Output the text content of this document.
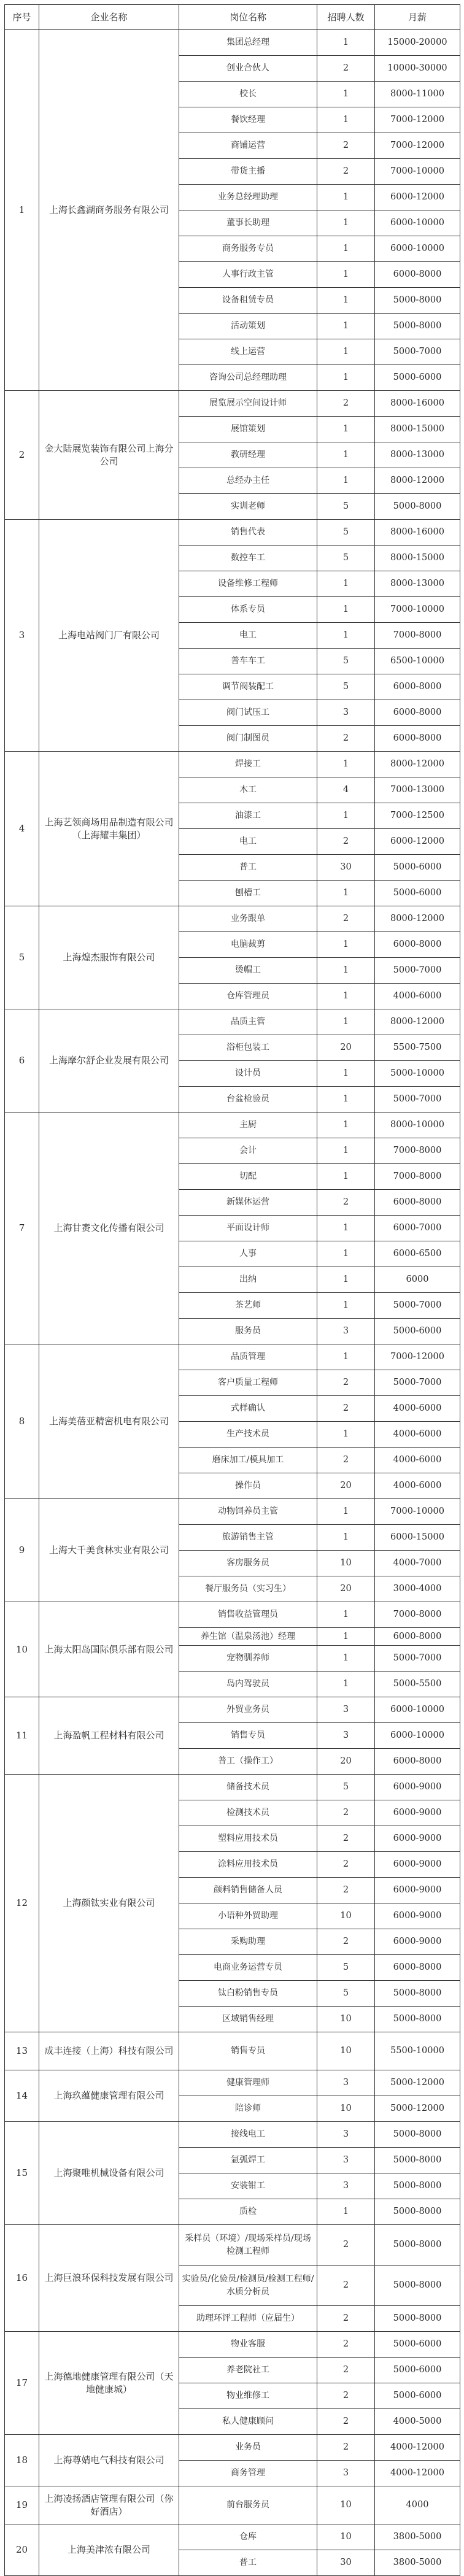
序号	企业名称	岗位名称	招聘人数	月薪
1	上海长鑫湖商务服务有限公司	集团总经理	1	15000-20000
		创业合伙人	2	10000-30000
		校长	1	8000-11000
		餐饮经理	1	7000-12000
		商铺运营	2	7000-12000
		带货主播	2	7000-10000
		业务总经理助理	1	6000-12000
		董事长助理	1	6000-10000
		商务服务专员	1	6000-10000
		人事行政主管	1	6000-8000
		设备租赁专员	1	5000-8000
		活动策划	1	5000-8000
		线上运营	1	5000-7000
		咨询公司总经理助理	1	5000-6000
2	金大陆展览装饰有限公司上海分公司	展览展示空间设计师	2	8000-16000
		展馆策划	1	8000-15000
		教研经理	1	8000-13000
		总经办主任	1	8000-12000
		实训老师	5	5000-8000
3	上海电站阀门厂有限公司	销售代表	5	8000-16000
		数控车工	5	8000-15000
		设备维修工程师	1	8000-13000
		体系专员	1	7000-10000
		电工	1	7000-8000
		普车车工	5	6500-10000
		调节阀装配工	5	6000-8000
		阀门试压工	3	6000-8000
		阀门制图员	2	6000-8000
4	上海艺领商场用品制造有限公司（上海耀丰集团）	焊接工	1	8000-12000
		木工	4	7000-13000
		油漆工	1	7000-12500
		电工	2	6000-12000
		普工	30	5000-6000
		刨槽工	1	5000-6000
5	上海煌杰服饰有限公司	业务跟单	2	8000-12000
		电脑裁剪	1	6000-8000
		烫帽工	1	5000-7000
		仓库管理员	1	4000-6000
6	上海摩尔舒企业发展有限公司	品质主管	1	8000-12000
		浴柜包装工	20	5500-7500
		设计员	1	5000-10000
		台盆检验员	1	5000-7000
7	上海甘赉文化传播有限公司	主厨	1	8000-10000
		会计	1	7000-8000
		切配	1	7000-8000
		新媒体运营	2	6000-8000
		平面设计师	1	6000-7000
		人事	1	6000-6500
		出纳	1	6000
		茶艺师	1	5000-7000
		服务员	3	5000-6000
8	上海美蓓亚精密机电有限公司	品质管理	1	7000-12000
		客户质量工程师	2	5000-7000
		式样确认	2	4000-6000
		生产技术员	1	4000-6000
		磨床加工/模具加工	2	4000-6000
		操作员	20	4000-6000
9	上海大千美食林实业有限公司	动物饲养员主管	1	7000-10000
		旅游销售主管	1	6000-15000
		客房服务员	10	4000-7000
		餐厅服务员（实习生）	20	3000-4000
10	上海太阳岛国际俱乐部有限公司	销售收益管理员	1	7000-8000
		养生馆（温泉汤池）经理	1	6000-8000
		宠物驯养师	1	5000-7000
		岛内驾驶员	1	5000-5500
11	上海盈帆工程材料有限公司	外贸业务员	3	6000-10000
		销售专员	3	6000-10000
		普工（操作工）	20	6000-8000
12	上海颜钛实业有限公司	储备技术员	5	6000-9000
		检测技术员	2	6000-9000
		塑料应用技术员	2	6000-9000
		涂料应用技术员	2	6000-9000
		颜料销售储备人员	2	6000-9000
		小语种外贸助理	10	6000-9000
		采购助理	2	6000-9000
		电商业务运营专员	5	6000-8000
		钛白粉销售专员	5	5000-8000
		区域销售经理	10	5000-8000
13	成丰连接（上海）科技有限公司	销售专员	10	5500-10000
14	上海玖蕴健康管理有限公司	健康管理师	3	5000-12000
		陪诊师	10	5000-12000
15	上海聚唯机械设备有限公司	接线电工	3	5000-8000
		氩弧焊工	3	5000-8000
		安装钳工	3	5000-8000
		质检	1	5000-8000
16	上海巨浪环保科技发展有限公司	采样员（环境）/现场采样员/现场检测工程师	2	5000-8000
		实验员/化验员/检测员/检测工程师/水质分析员	2	5000-8000
		助理环评工程师（应届生）	2	5000-8000
17	上海德地健康管理有限公司（天地健康城）	物业客服	2	5000-6000
		养老院社工	2	5000-6000
		物业维修工	2	5000-6000
		私人健康顾问	2	4000-5000
18	上海尊婧电气科技有限公司	业务员	2	4000-12000
		商务管理	3	4000-12000
19	上海凌扬酒店管理有限公司（你好酒店）	前台服务员	10	4000
20	上海美津浓有限公司	仓库	10	3800-5000
		普工	30	3800-5000
